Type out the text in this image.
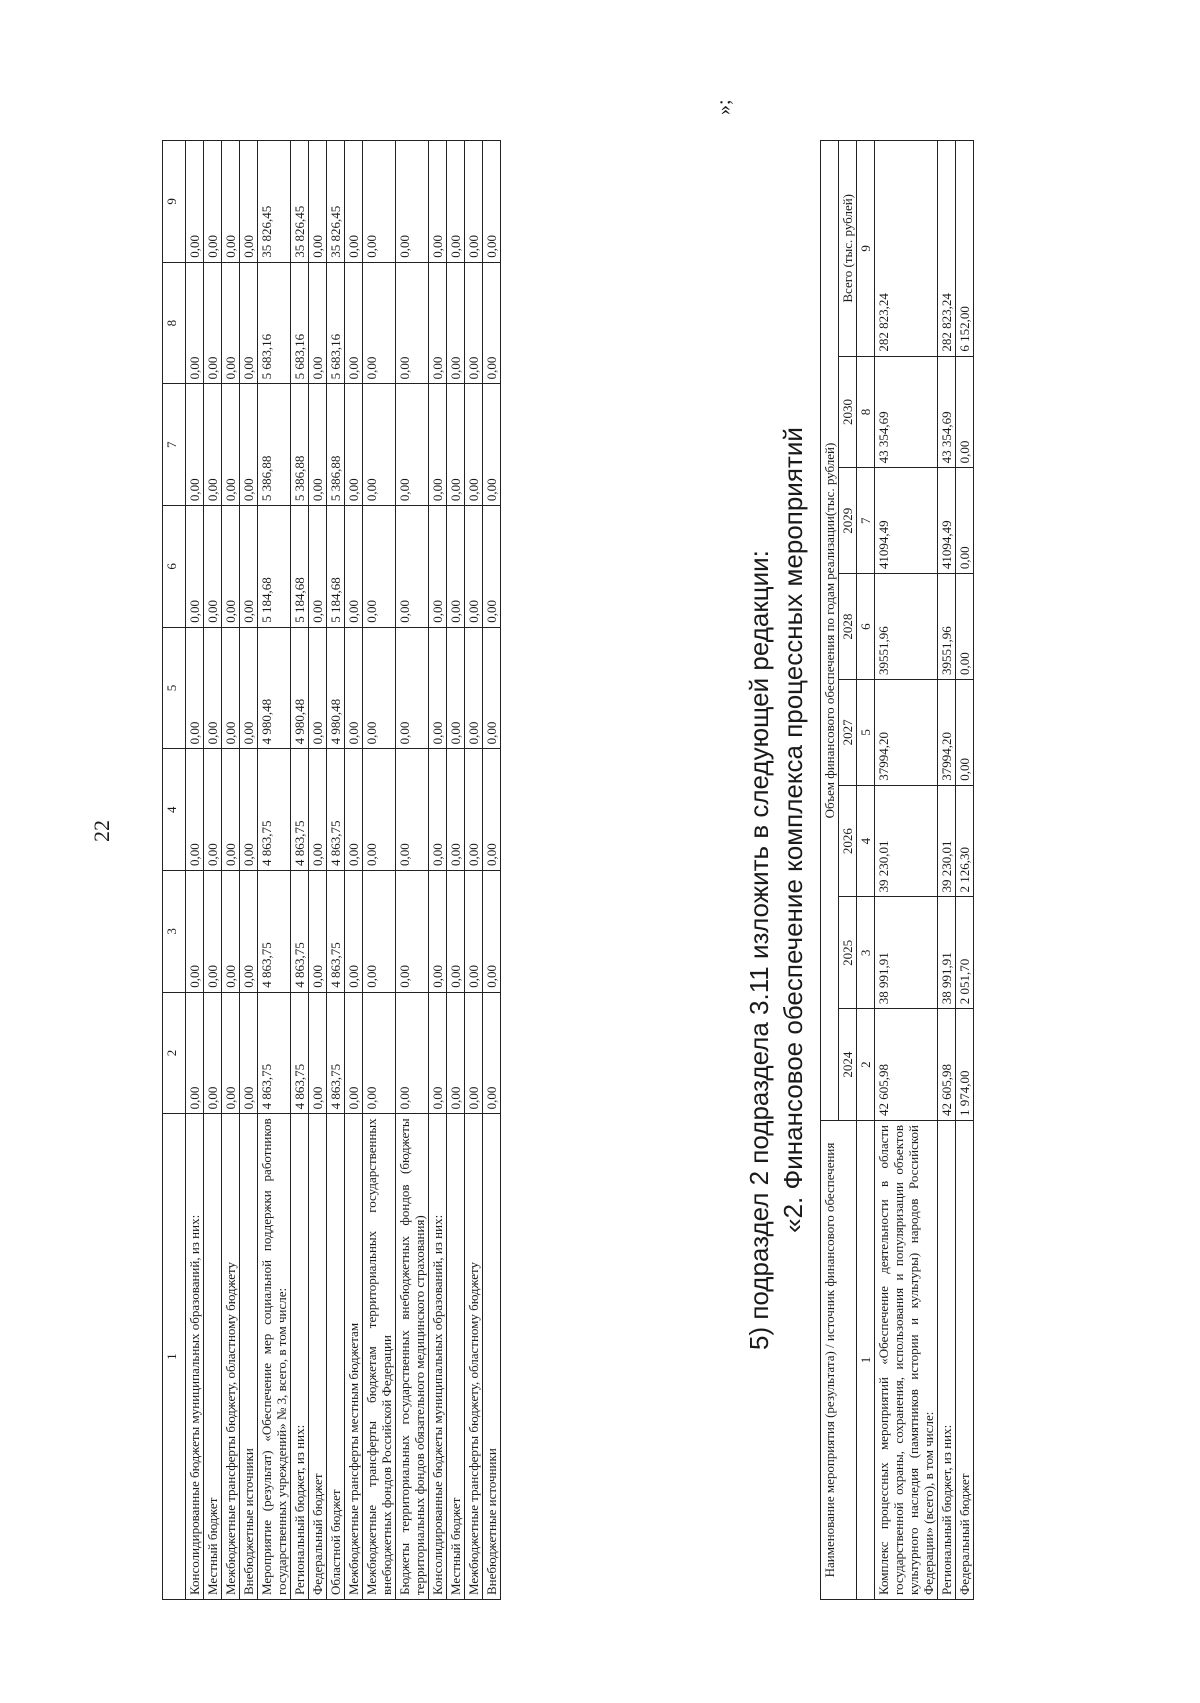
22
1	2	3	4	5	6	7	8	9
Консолидированные бюджеты муниципальных образований, из них:	0,00	0,00	0,00	0,00	0,00	0,00	0,00	0,00
Местный бюджет	0,00	0,00	0,00	0,00	0,00	0,00	0,00	0,00
Межбюджетные трансферты бюджету, областному бюджету	0,00	0,00	0,00	0,00	0,00	0,00	0,00	0,00
Внебюджетные источники	0,00	0,00	0,00	0,00	0,00	0,00	0,00	0,00
Мероприятие (результат) «Обеспечение мер социальной поддержки работников государственных учреждений» № 3, всего, в том числе:	4 863,75	4 863,75	4 863,75	4 980,48	5 184,68	5 386,88	5 683,16	35 826,45
Региональный бюджет, из них:	4 863,75	4 863,75	4 863,75	4 980,48	5 184,68	5 386,88	5 683,16	35 826,45
Федеральный бюджет	0,00	0,00	0,00	0,00	0,00	0,00	0,00	0,00
Областной бюджет	4 863,75	4 863,75	4 863,75	4 980,48	5 184,68	5 386,88	5 683,16	35 826,45
Межбюджетные трансферты местным бюджетам	0,00	0,00	0,00	0,00	0,00	0,00	0,00	0,00
Межбюджетные трансферты бюджетам территориальных государственных внебюджетных фондов Российской Федерации	0,00	0,00	0,00	0,00	0,00	0,00	0,00	0,00
Бюджеты территориальных государственных внебюджетных фондов (бюджеты территориальных фондов обязательного медицинского страхования)	0,00	0,00	0,00	0,00	0,00	0,00	0,00	0,00
Консолидированные бюджеты муниципальных образований, из них:	0,00	0,00	0,00	0,00	0,00	0,00	0,00	0,00
Местный бюджет	0,00	0,00	0,00	0,00	0,00	0,00	0,00	0,00
Межбюджетные трансферты бюджету, областному бюджету	0,00	0,00	0,00	0,00	0,00	0,00	0,00	0,00
Внебюджетные источники	0,00	0,00	0,00	0,00	0,00	0,00	0,00	0,00
»;
5) подраздел 2 подраздела 3.11 изложить в следующей редакции: «2. Финансовое обеспечение комплекса процессных мероприятий
Наименование мероприятия (результата) / источник финансового обеспечения	Объем финансового обеспечения по годам реализации(тыс. рублей)							
	2024	2025	2026	2027	2028	2029	2030	Всего (тыс. рублей)
1	2	3	4	5	6	7	8	9
Комплекс процессных мероприятий «Обеспечение деятельности в области государственной охраны, сохранения, использования и популяризации объектов культурного наследия (памятников истории и культуры) народов Российской Федерации» (всего), в том числе:	42 605,98	38 991,91	39 230,01	37994,20	39551,96	41094,49	43 354,69	282 823,24
Региональный бюджет, из них:	42 605,98	38 991,91	39 230,01	37994,20	39551,96	41094,49	43 354,69	282 823,24
Федеральный бюджет	1 974,00	2 051,70	2 126,30	0,00	0,00	0,00	0,00	6 152,00
